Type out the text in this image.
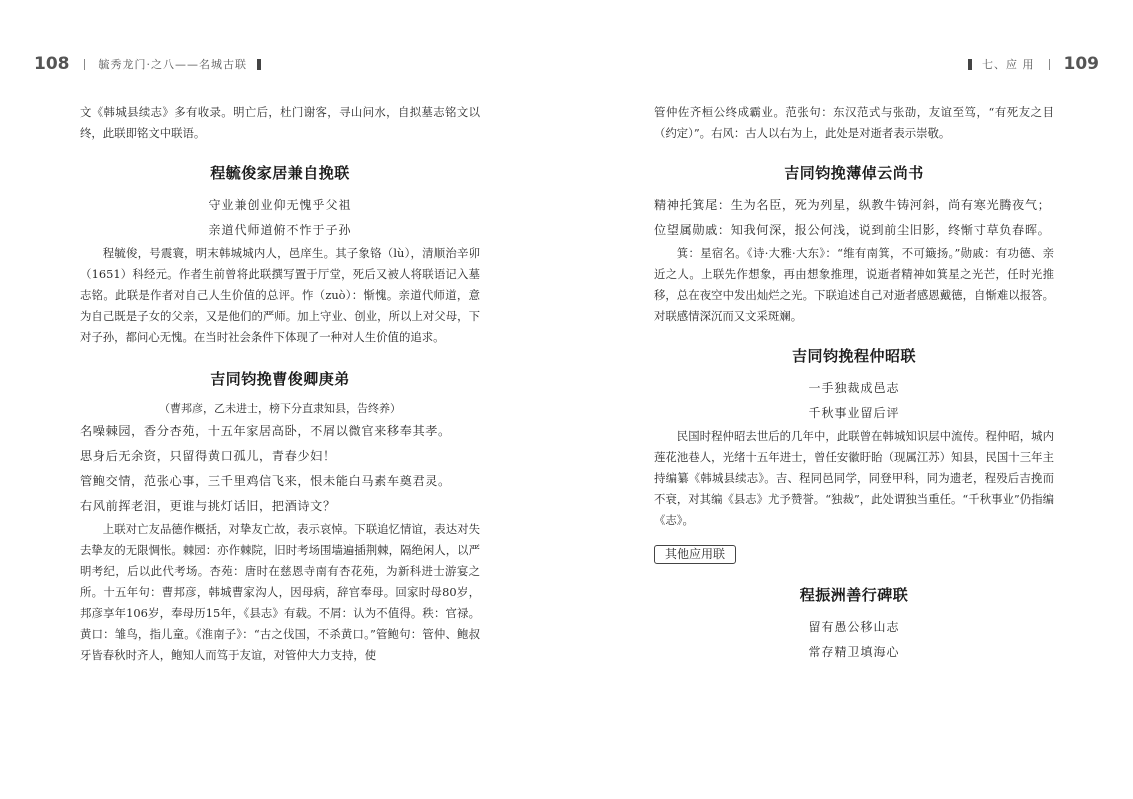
108	毓秀龙门·之八——名城古联

文《韩城县续志》多有收录。明亡后，杜门谢客，寻山问水，自拟墓志铭文以终，此联即铭文中联语。

程毓俊家居兼自挽联

守业兼创业仰无愧乎父祖

亲道代师道俯不怍于子孙

程毓俊，号震寰，明末韩城城内人，邑庠生。其子象铬（lù），清顺治辛卯（1651）科经元。作者生前曾将此联撰写置于厅堂，死后又被人将联语记入墓志铭。此联是作者对自己人生价值的总评。怍（zuò）：惭愧。亲道代师道，意为自己既是子女的父亲，又是他们的严师。加上守业、创业，所以上对父母，下对子孙，都问心无愧。在当时社会条件下体现了一种对人生价值的追求。

吉同钧挽曹俊卿庚弟

（曹邦彦，乙未进士，榜下分直隶知县，告终养）

名噪棘园，香分杏苑，十五年家居高卧，不屑以微官来移奉其孝。

思身后无余资，只留得黄口孤儿，青春少妇！

管鲍交情，范张心事，三千里鸡信飞来，恨未能白马素车奠君灵。

右风前挥老泪，更谁与挑灯话旧，把酒诗文？

上联对亡友品德作概括，对挚友亡故，表示哀悼。下联追忆情谊，表达对失去挚友的无限惆怅。棘园：亦作棘院，旧时考场围墙遍插荆棘，隔绝闲人，以严明考纪，后以此代考场。杏苑：唐时在慈恩寺南有杏花苑，为新科进士游宴之所。十五年句：曹邦彦，韩城曹家沟人，因母病，辞官奉母。回家时母80岁，邦彦享年106岁，奉母历15年，《县志》有载。不屑：认为不值得。秩：官禄。黄口：雏鸟，指儿童。《淮南子》：“古之伐国，不杀黄口。”管鲍句：管仲、鲍叔牙皆春秋时齐人，鲍知人而笃于友谊，对管仲大力支持，使

七、应 用 109

管仲佐齐桓公终成霸业。范张句：东汉范式与张劭，友谊至笃，“有死友之目（约定）”。右风：古人以右为上，此处是对逝者表示崇敬。

吉同钧挽薄倬云尚书

精神托箕尾：生为名臣，死为列星，纵教牛铸河斜，尚有寒光腾夜气；

位望属勋戚：知我何深，报公何浅，说到前尘旧影，终惭寸草负春晖。

箕：星宿名。《诗·大雅·大东》：“维有南箕，不可簸扬。”勋戚：有功德、亲近之人。上联先作想象，再由想象推理，说逝者精神如箕星之光芒，任时光推移，总在夜空中发出灿烂之光。下联追述自己对逝者感恩戴德，自惭难以报答。对联感情深沉而又文采斑斓。

吉同钧挽程仲昭联

一手独裁成邑志

千秋事业留后评

民国时程仲昭去世后的几年中，此联曾在韩城知识层中流传。程仲昭，城内莲花池巷人，光绪十五年进士，曾任安徽盱眙（现属江苏）知县，民国十三年主持编纂《韩城县续志》。吉、程同邑同学，同登甲科，同为遗老，程殁后吉挽而不衰，对其编《县志》尤予赞誉。“独裁”，此处谓独当重任。“千秋事业”仍指编《志》。

其他应用联
程振洲善行碑联

留有愚公移山志

常存精卫填海心
